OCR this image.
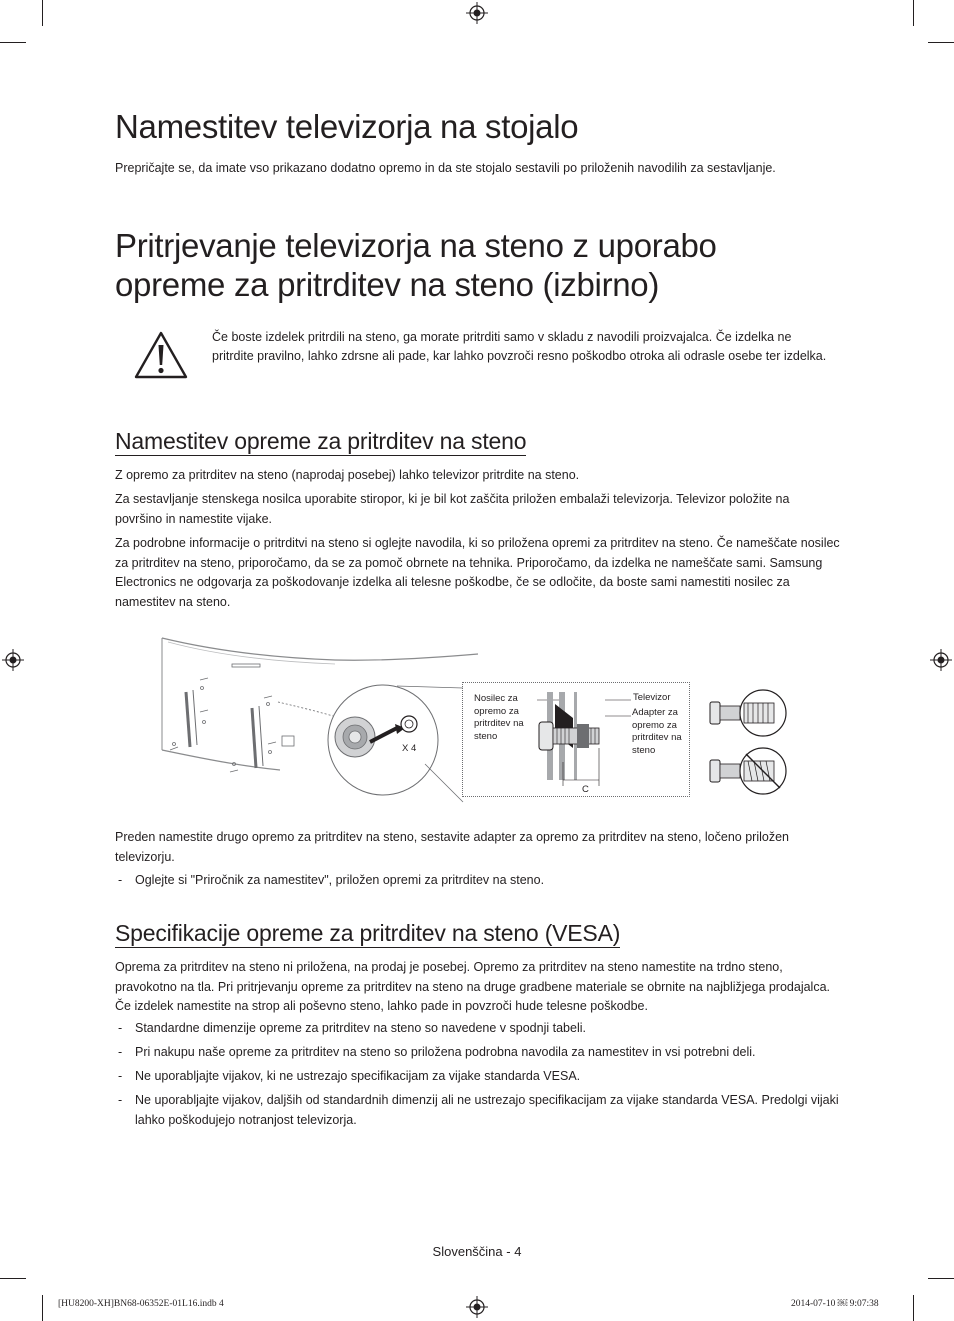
Namestitev televizorja na stojalo

Prepričajte se, da imate vso prikazano dodatno opremo in da ste stojalo sestavili po priloženih navodilih za sestavljanje.

Pritrjevanje televizorja na steno z uporabo opreme za pritrditev na steno (izbirno)

Če boste izdelek pritrdili na steno, ga morate pritrditi samo v skladu z navodili proizvajalca. Če izdelka ne pritrdite pravilno, lahko zdrsne ali pade, kar lahko povzroči resno poškodbo otroka ali odrasle osebe ter izdelka.

Namestitev opreme za pritrditev na steno

Z opremo za pritrditev na steno (naprodaj posebej) lahko televizor pritrdite na steno.

Za sestavljanje stenskega nosilca uporabite stiropor, ki je bil kot zaščita priložen embalaži televizorja. Televizor položite na površino in namestite vijake.

Za podrobne informacije o pritrditvi na steno si oglejte navodila, ki so priložena opremi za pritrditev na steno. Če nameščate nosilec za pritrditev na steno, priporočamo, da se za pomoč obrnete na tehnika. Priporočamo, da izdelka ne nameščate sami. Samsung Electronics ne odgovarja za poškodovanje izdelka ali telesne poškodbe, če se odločite, da boste sami namestiti nosilec za namestitev na steno.

X 4
Nosilec za opremo za pritrditev na steno
Televizor
Adapter za opremo za pritrditev na steno
C

Preden namestite drugo opremo za pritrditev na steno, sestavite adapter za opremo za pritrditev na steno, ločeno priložen televizorju.

- Oglejte si "Priročnik za namestitev", priložen opremi za pritrditev na steno.

Specifikacije opreme za pritrditev na steno (VESA)

Oprema za pritrditev na steno ni priložena, na prodaj je posebej. Opremo za pritrditev na steno namestite na trdno steno, pravokotno na tla. Pri pritrjevanju opreme za pritrditev na steno na druge gradbene materiale se obrnite na najbližjega prodajalca. Če izdelek namestite na strop ali poševno steno, lahko pade in povzroči hude telesne poškodbe.

- Standardne dimenzije opreme za pritrditev na steno so navedene v spodnji tabeli.

- Pri nakupu naše opreme za pritrditev na steno so priložena podrobna navodila za namestitev in vsi potrebni deli.

- Ne uporabljajte vijakov, ki ne ustrezajo specifikacijam za vijake standarda VESA.

- Ne uporabljajte vijakov, daljših od standardnih dimenzij ali ne ustrezajo specifikacijam za vijake standarda VESA. Predolgi vijaki lahko poškodujejo notranjost televizorja.

Slovenščina - 4
[HU8200-XH]BN68-06352E-01L16.indb 4	2014-07-10 ￼ 9:07:38
